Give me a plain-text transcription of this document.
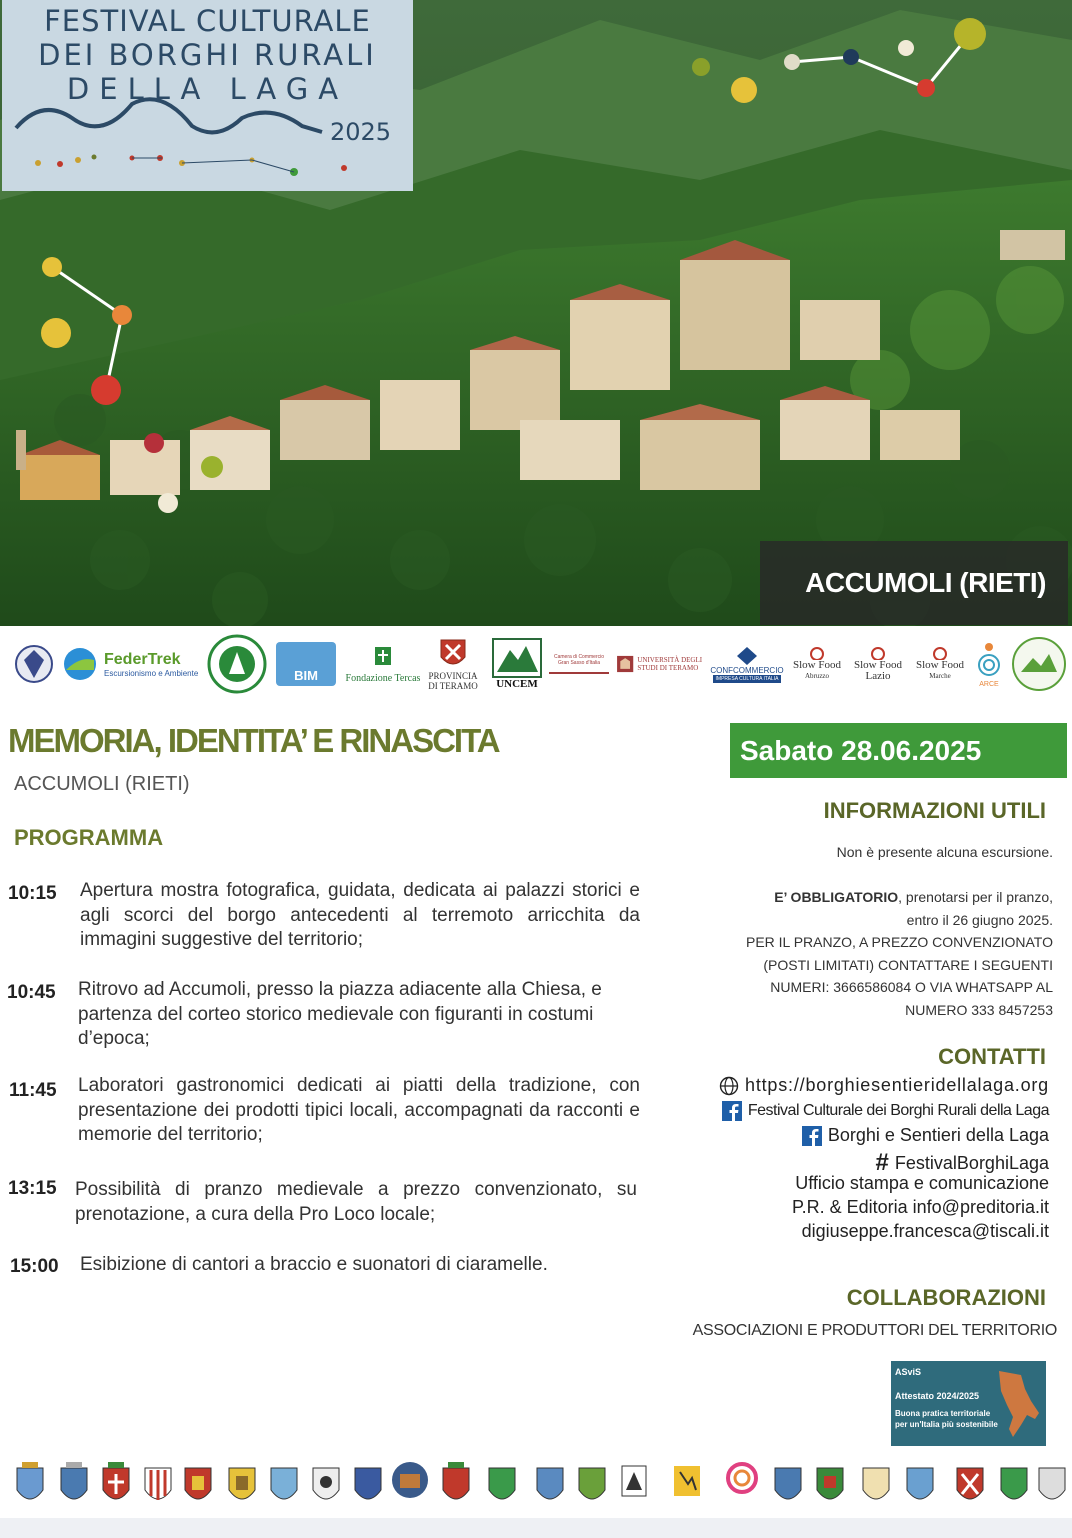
FESTIVAL CULTURALE
DEI BORGHI RURALI
DELLA LAGA
2025
ACCUMOLI (RIETI)
FederTrek
Escursionismo e Ambiente	BIM	Fondazione Tercas PROVINCIA DI TERAMO	UNCEM
Camera di Commercio Gran Sasso d'Italia	UNIVERSITÀ DEGLI STUDI DI TERAMO	CONFCOMMERCIO
IMPRESA CULTURA ITALIA
Slow Food
Abruzzo
Slow Food
Lazio
Slow Food
Marche
ARCE
MEMORIA, IDENTITA’ E RINASCITA
ACCUMOLI (RIETI)
PROGRAMMA
10:15 Apertura mostra fotografica, guidata, dedicata ai palazzi storici e agli scorci del borgo antecedenti al terremoto arricchita da immagini suggestive del territorio;
10:45 Ritrovo ad Accumoli, presso la piazza adiacente alla Chiesa, e partenza del corteo storico medievale con figuranti in costumi d’epoca;
11:45 Laboratori gastronomici dedicati ai piatti della tradizione, con presentazione dei prodotti tipici locali, accompagnati da racconti e memorie del territorio;
13:15 Possibilità di pranzo medievale a prezzo convenzionato, su prenotazione, a cura della Pro Loco locale;
15:00 Esibizione di cantori a braccio e suonatori di ciaramelle.
Sabato 28.06.2025
INFORMAZIONI UTILI
Non è presente alcuna escursione.
E’ OBBLIGATORIO, prenotarsi per il pranzo,
entro il 26 giugno 2025.
PER IL PRANZO, A PREZZO CONVENZIONATO
(POSTI LIMITATI) CONTATTARE I SEGUENTI
NUMERI: 3666586084 O VIA WHATSAPP AL
NUMERO 333 8457253
CONTATTI
https://borghiesentieridellalaga.org
Festival Culturale dei Borghi Rurali della Laga
Borghi e Sentieri della Laga
# FestivalBorghiLaga
Ufficio stampa e comunicazione
P.R. & Editoria info@preditoria.it
digiuseppe.francesca@tiscali.it
COLLABORAZIONI
ASSOCIAZIONI E PRODUTTORI DEL TERRITORIO
ASviS
Attestato 2024/2025
Buona pratica territoriale
per un'Italia più sostenibile
